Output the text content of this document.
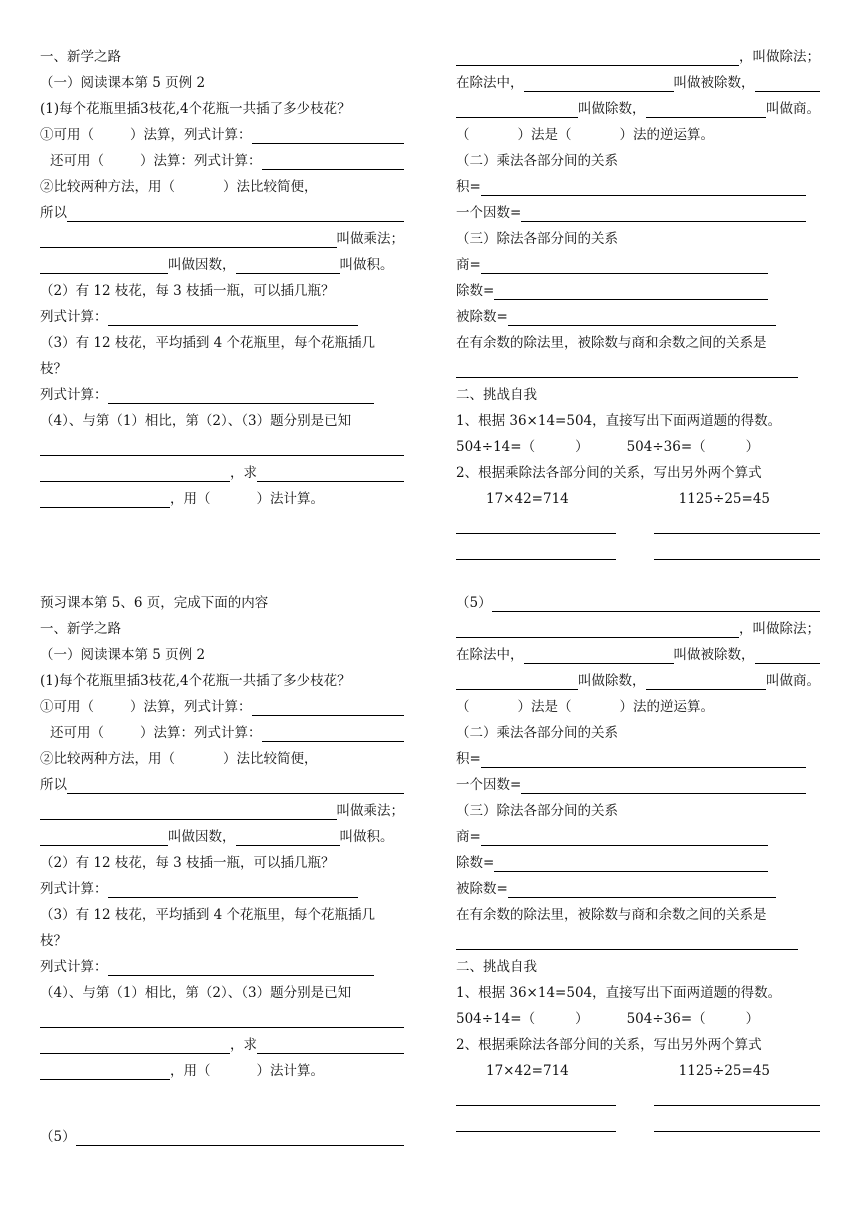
一、新学之路
（一）阅读课本第 5 页例 2
(1)每个花瓶里插3枝花,4个花瓶一共插了多少枝花？
①可用（	）法算，列式计算：
还可用（	）法算：列式计算：
②比较两种方法，用（	）法比较简便，
所以
叫做乘法；
叫做因数，	叫做积。
（2）有 12 枝花，每 3 枝插一瓶，可以插几瓶？
列式计算：
（3）有 12 枝花，平均插到 4 个花瓶里，每个花瓶插几
枝？
列式计算：
（4）、与第（1）相比，第（2）、（3）题分别是已知
，求
，用（	）法计算。
，叫做除法；
在除法中，	叫做被除数，
叫做除数，	叫做商。
（	）法是（	）法的逆运算。
（二）乘法各部分间的关系
积=
一个因数=
（三）除法各部分间的关系
商=
除数=
被除数=
在有余数的除法里，被除数与商和余数之间的关系是
二、挑战自我
1、根据 36×14=504，直接写出下面两道题的得数。
504÷14=（	）	504÷36=（	）
2、根据乘除法各部分间的关系，写出另外两个算式
17×42=714	1125÷25=45
预习课本第 5、6 页，完成下面的内容
一、新学之路
（一）阅读课本第 5 页例 2
(1)每个花瓶里插3枝花,4个花瓶一共插了多少枝花？
①可用（	）法算，列式计算：
还可用（	）法算：列式计算：
②比较两种方法，用（	）法比较简便，
所以
叫做乘法；
叫做因数，	叫做积。
（2）有 12 枝花，每 3 枝插一瓶，可以插几瓶？
列式计算：
（3）有 12 枝花，平均插到 4 个花瓶里，每个花瓶插几
枝？
列式计算：
（4）、与第（1）相比，第（2）、（3）题分别是已知
，求
，用（	）法计算。
（5）
（5）
，叫做除法；
在除法中，	叫做被除数，
叫做除数，	叫做商。
（	）法是（	）法的逆运算。
（二）乘法各部分间的关系
积=
一个因数=
（三）除法各部分间的关系
商=
除数=
被除数=
在有余数的除法里，被除数与商和余数之间的关系是
二、挑战自我
1、根据 36×14=504，直接写出下面两道题的得数。
504÷14=（	）	504÷36=（	）
2、根据乘除法各部分间的关系，写出另外两个算式
17×42=714	1125÷25=45
